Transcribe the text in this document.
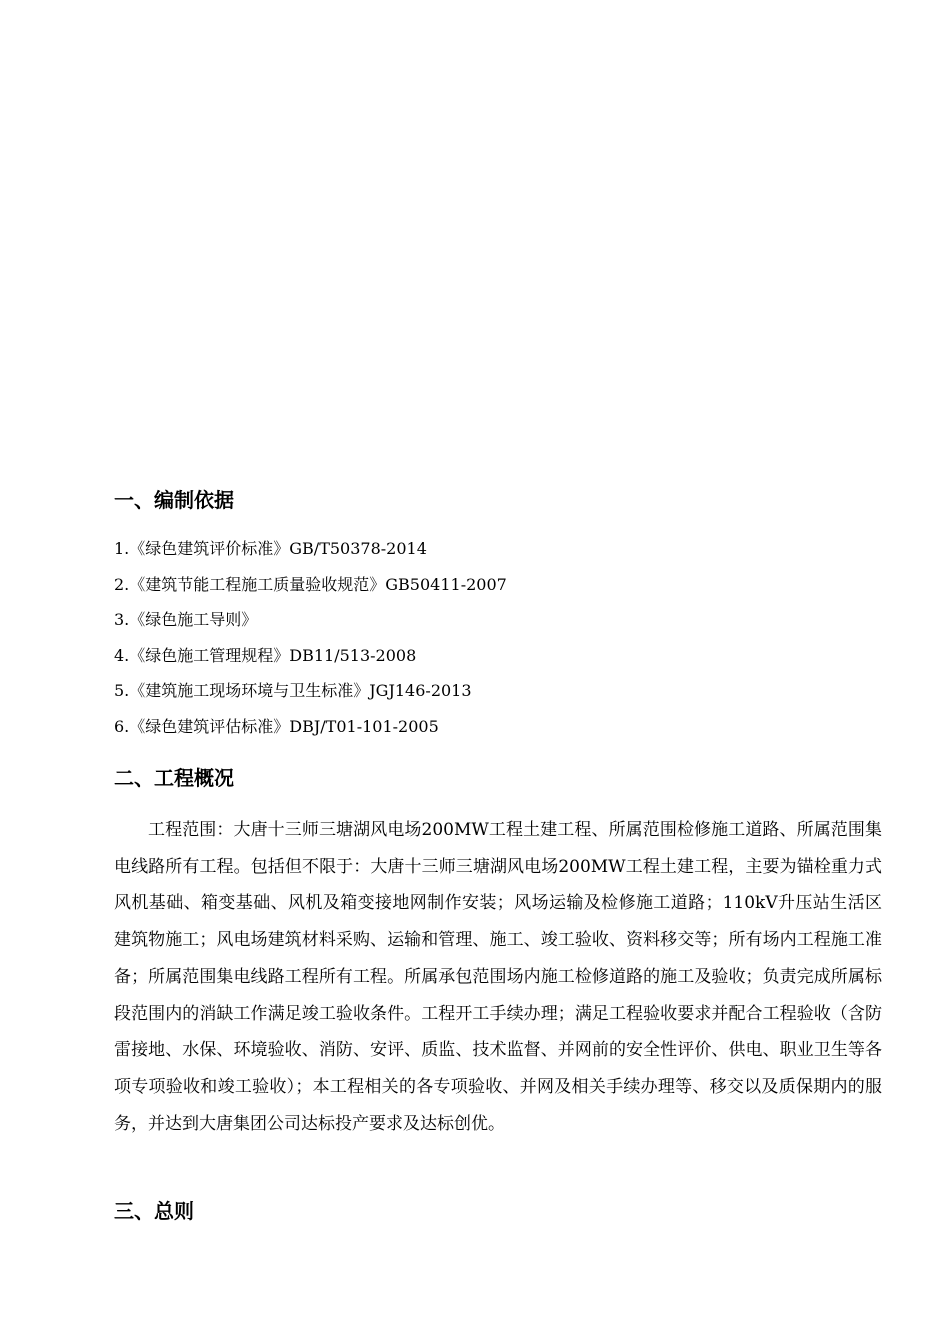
一、编制依据
1.《绿色建筑评价标准》GB/T50378-2014
2.《建筑节能工程施工质量验收规范》GB50411-2007
3.《绿色施工导则》
4.《绿色施工管理规程》DB11/513-2008
5.《建筑施工现场环境与卫生标准》JGJ146-2013
6.《绿色建筑评估标准》DBJ/T01-101-2005
二、工程概况

工程范围：大唐十三师三塘湖风电场200MW工程土建工程、所属范围检修施工道路、所属范围集电线路所有工程。包括但不限于：大唐十三师三塘湖风电场200MW工程土建工程，主要为锚栓重力式风机基础、箱变基础、风机及箱变接地网制作安装；风场运输及检修施工道路；110kV升压站生活区建筑物施工；风电场建筑材料采购、运输和管理、施工、竣工验收、资料移交等；所有场内工程施工准备；所属范围集电线路工程所有工程。所属承包范围场内施工检修道路的施工及验收；负责完成所属标段范围内的消缺工作满足竣工验收条件。工程开工手续办理；满足工程验收要求并配合工程验收（含防雷接地、水保、环境验收、消防、安评、质监、技术监督、并网前的安全性评价、供电、职业卫生等各项专项验收和竣工验收）；本工程相关的各专项验收、并网及相关手续办理等、移交以及质保期内的服务，并达到大唐集团公司达标投产要求及达标创优。

三、总则
